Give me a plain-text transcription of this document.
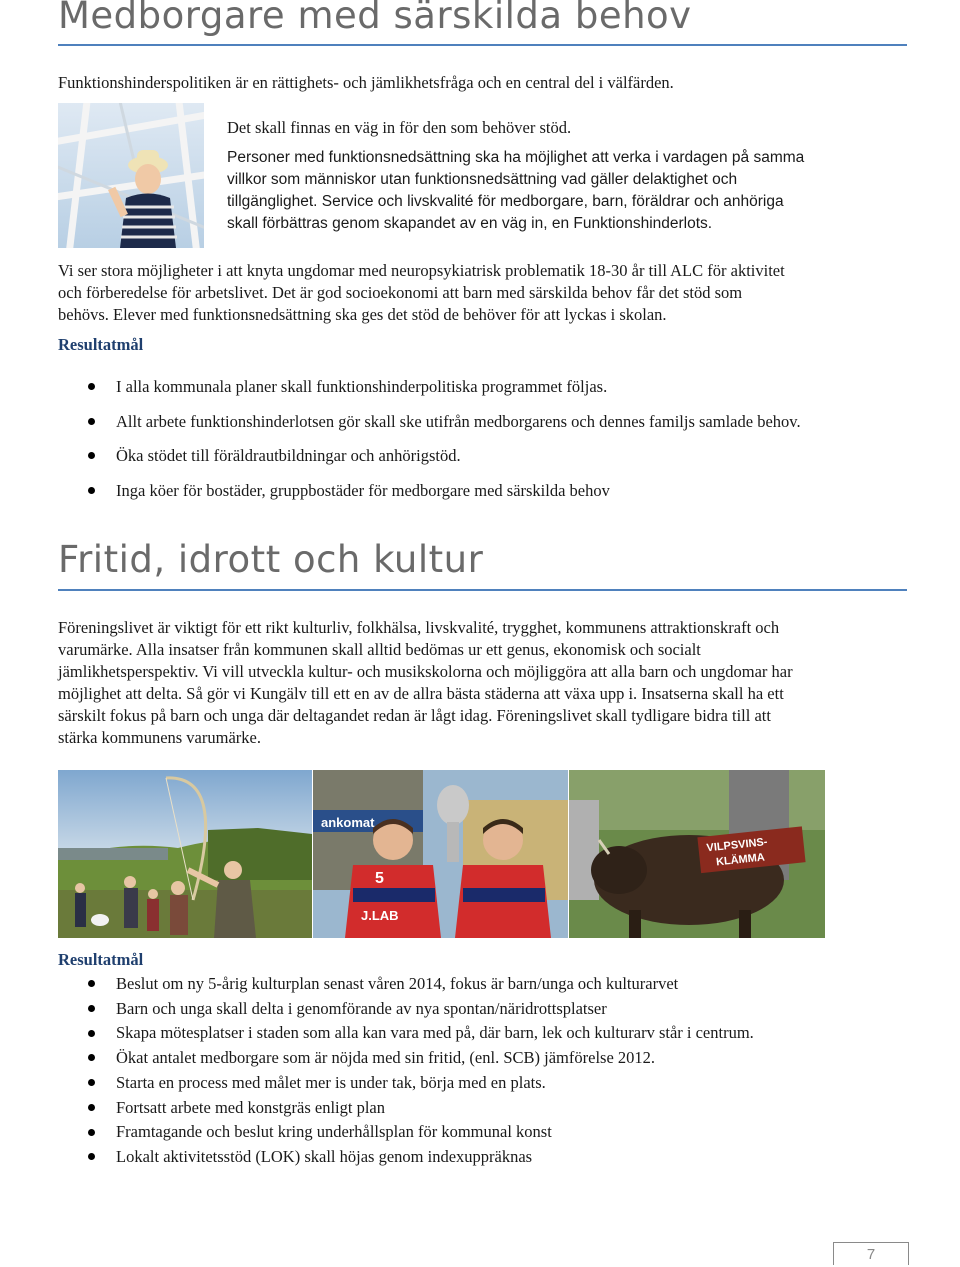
Medborgare med särskilda behov

Funktionshinderspolitiken är en rättighets- och jämlikhetsfråga och en central del i välfärden.

Det skall finnas en väg in för den som behöver stöd.

Personer med funktionsnedsättning ska ha möjlighet att verka i vardagen på samma
villkor som människor utan funktionsnedsättning vad gäller delaktighet och
tillgänglighet. Service och livskvalité för medborgare, barn, föräldrar och anhöriga
skall förbättras genom skapandet av en väg in, en Funktionshinderlots.
Vi ser stora möjligheter i att knyta ungdomar med neuropsykiatrisk problematik 18-30 år till ALC för aktivitet
och förberedelse för arbetslivet. Det är god socioekonomi att barn med särskilda behov får det stöd som
behövs. Elever med funktionsnedsättning ska ges det stöd de behöver för att lyckas i skolan.

Resultatmål

I alla kommunala planer skall funktionshinderpolitiska programmet följas.
Allt arbete funktionshinderlotsen gör skall ske utifrån medborgarens och dennes familjs samlade behov.
Öka stödet till föräldrautbildningar och anhörigstöd.
Inga köer för bostäder, gruppbostäder för medborgare med särskilda behov
Fritid, idrott och kultur
Föreningslivet är viktigt för ett rikt kulturliv, folkhälsa, livskvalité, trygghet, kommunens attraktionskraft och
varumärke. Alla insatser från kommunen skall alltid bedömas ur ett genus, ekonomisk och socialt
jämlikhetsperspektiv. Vi vill utveckla kultur- och musikskolorna och möjliggöra att alla barn och ungdomar har
möjlighet att delta. Så gör vi Kungälv till ett en av de allra bästa städerna att växa upp i. Insatserna skall ha ett
särskilt fokus på barn och unga där deltagandet redan är lågt idag. Föreningslivet skall tydligare bidra till att
stärka kommunens varumärke.
ankomat
5
J.LAB
VILPSVINS-
KLÄMMA

Resultatmål

Beslut om ny 5-årig kulturplan senast våren 2014, fokus är barn/unga och kulturarvet
Barn och unga skall delta i genomförande av nya spontan/näridrottsplatser
Skapa mötesplatser i staden som alla kan vara med på, där barn, lek och kulturarv står i centrum.
Ökat antalet medborgare som är nöjda med sin fritid, (enl. SCB) jämförelse 2012.
Starta en process med målet mer is under tak, börja med en plats.
Fortsatt arbete med konstgräs enligt plan
Framtagande och beslut kring underhållsplan för kommunal konst
Lokalt aktivitetsstöd (LOK) skall höjas genom indexuppräknas
7
